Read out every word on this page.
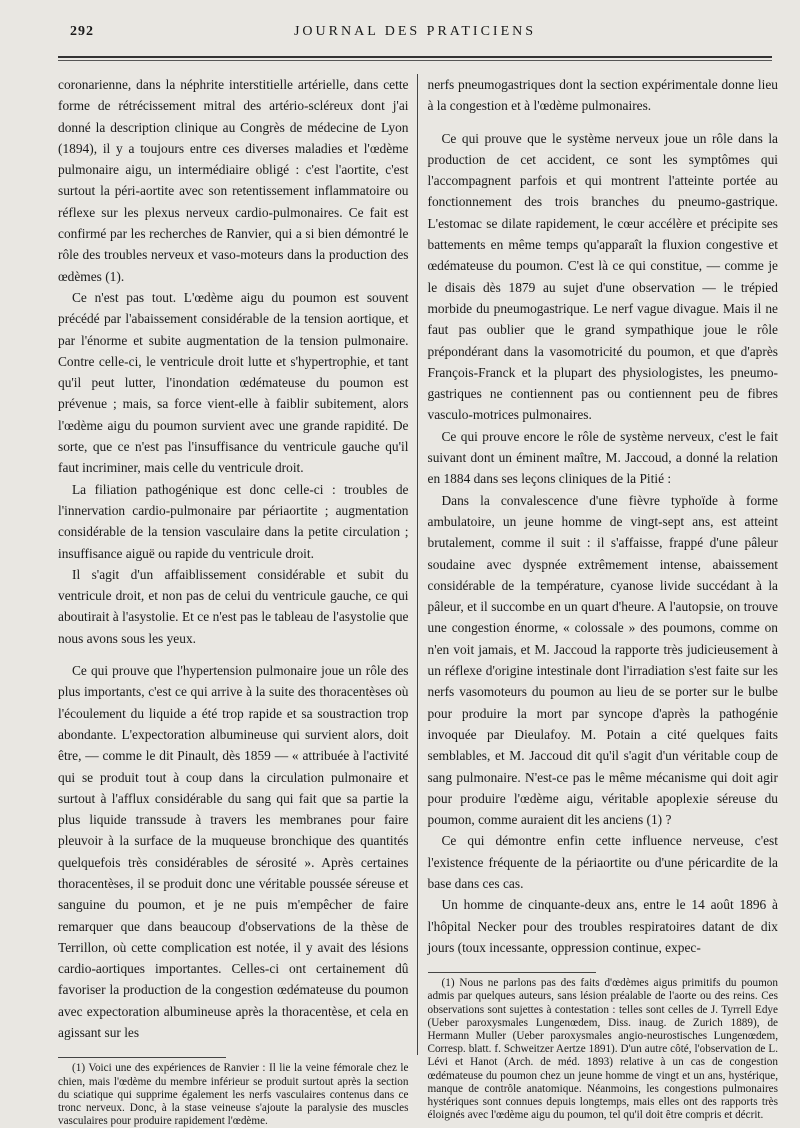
292	JOURNAL DES PRATICIENS

coronarienne, dans la néphrite interstitielle artérielle, dans cette forme de rétrécissement mitral des artério-scléreux dont j'ai donné la description clinique au Congrès de médecine de Lyon (1894), il y a toujours entre ces diverses maladies et l'œdème pulmonaire aigu, un intermédiaire obligé : c'est l'aortite, c'est surtout la péri-aortite avec son retentissement inflammatoire ou réflexe sur les plexus nerveux cardio-pulmonaires. Ce fait est confirmé par les recherches de Ranvier, qui a si bien démontré le rôle des troubles nerveux et vaso-moteurs dans la production des œdèmes (1).

Ce n'est pas tout. L'œdème aigu du poumon est souvent précédé par l'abaissement considérable de la tension aortique, et par l'énorme et subite augmentation de la tension pulmonaire. Contre celle-ci, le ventricule droit lutte et s'hypertrophie, et tant qu'il peut lutter, l'inondation œdémateuse du poumon est prévenue ; mais, sa force vient-elle à faiblir subitement, alors l'œdème aigu du poumon survient avec une grande rapidité. De sorte, que ce n'est pas l'insuffisance du ventricule gauche qu'il faut incriminer, mais celle du ventricule droit.

La filiation pathogénique est donc celle-ci : troubles de l'innervation cardio-pulmonaire par périaortite ; augmentation considérable de la tension vasculaire dans la petite circulation ; insuffisance aiguë ou rapide du ventricule droit.

Il s'agit d'un affaiblissement considérable et subit du ventricule droit, et non pas de celui du ventricule gauche, ce qui aboutirait à l'asystolie. Et ce n'est pas le tableau de l'asystolie que nous avons sous les yeux.

Ce qui prouve que l'hypertension pulmonaire joue un rôle des plus importants, c'est ce qui arrive à la suite des thoracentèses où l'écoulement du liquide a été trop rapide et sa soustraction trop abondante. L'expectoration albumineuse qui survient alors, doit être, — comme le dit Pinault, dès 1859 — « attribuée à l'activité qui se produit tout à coup dans la circulation pulmonaire et surtout à l'afflux considérable du sang qui fait que sa partie la plus liquide transsude à travers les membranes pour faire pleuvoir à la surface de la muqueuse bronchique des quantités quelquefois très considérables de sérosité ». Après certaines thoracentèses, il se produit donc une véritable poussée séreuse et sanguine du poumon, et je ne puis m'empêcher de faire remarquer que dans beaucoup d'observations de la thèse de Terrillon, où cette complication est notée, il y avait des lésions cardio-aortiques importantes. Celles-ci ont certainement dû favoriser la production de la congestion œdémateuse du poumon avec expectoration albumineuse après la thoracentèse, et cela en agissant sur les

(1) Voici une des expériences de Ranvier : Il lie la veine fémorale chez le chien, mais l'œdème du membre inférieur se produit surtout après la section du sciatique qui supprime également les nerfs vasculaires contenus dans ce tronc nerveux. Donc, à la stase veineuse s'ajoute la paralysie des muscles vasculaires pour produire rapidement l'œdème.

nerfs pneumogastriques dont la section expérimentale donne lieu à la congestion et à l'œdème pulmonaires.

Ce qui prouve que le système nerveux joue un rôle dans la production de cet accident, ce sont les symptômes qui l'accompagnent parfois et qui montrent l'atteinte portée au fonctionnement des trois branches du pneumo-gastrique. L'estomac se dilate rapidement, le cœur accélère et précipite ses battements en même temps qu'apparaît la fluxion congestive et œdémateuse du poumon. C'est là ce qui constitue, — comme je le disais dès 1879 au sujet d'une observation — le trépied morbide du pneumogastrique. Le nerf vague divague. Mais il ne faut pas oublier que le grand sympathique joue le rôle prépondérant dans la vasomotricité du poumon, et que d'après François-Franck et la plupart des physiologistes, les pneumo-gastriques ne contiennent pas ou contiennent peu de fibres vasculo-motrices pulmonaires.

Ce qui prouve encore le rôle de système nerveux, c'est le fait suivant dont un éminent maître, M. Jaccoud, a donné la relation en 1884 dans ses leçons cliniques de la Pitié :

Dans la convalescence d'une fièvre typhoïde à forme ambulatoire, un jeune homme de vingt-sept ans, est atteint brutalement, comme il suit : il s'affaisse, frappé d'une pâleur soudaine avec dyspnée extrêmement intense, abaissement considérable de la température, cyanose livide succédant à la pâleur, et il succombe en un quart d'heure. A l'autopsie, on trouve une congestion énorme, « colossale » des poumons, comme on n'en voit jamais, et M. Jaccoud la rapporte très judicieusement à un réflexe d'origine intestinale dont l'irradiation s'est faite sur les nerfs vasomoteurs du poumon au lieu de se porter sur le bulbe pour produire la mort par syncope d'après la pathogénie invoquée par Dieulafoy. M. Potain a cité quelques faits semblables, et M. Jaccoud dit qu'il s'agit d'un véritable coup de sang pulmonaire. N'est-ce pas le même mécanisme qui doit agir pour produire l'œdème aigu, véritable apoplexie séreuse du poumon, comme auraient dit les anciens (1) ?

Ce qui démontre enfin cette influence nerveuse, c'est l'existence fréquente de la périaortite ou d'une péricardite de la base dans ces cas.

Un homme de cinquante-deux ans, entre le 14 août 1896 à l'hôpital Necker pour des troubles respiratoires datant de dix jours (toux incessante, oppression continue, expec-

(1) Nous ne parlons pas des faits d'œdèmes aigus primitifs du poumon admis par quelques auteurs, sans lésion préalable de l'aorte ou des reins. Ces observations sont sujettes à contestation : telles sont celles de J. Tyrrell Edye (Ueber paroxysmales Lungenœdem, Diss. inaug. de Zurich 1889), de Hermann Muller (Ueber paroxysmales angio-neurostisches Lungenœdem, Corresp. blatt. f. Schweitzer Aertze 1891). D'un autre côté, l'observation de L. Lévi et Hanot (Arch. de méd. 1893) relative à un cas de congestion œdémateuse du poumon chez un jeune homme de vingt et un ans, hystérique, manque de contrôle anatomique. Néanmoins, les congestions pulmonaires hystériques sont connues depuis longtemps, mais elles ont des rapports très éloignés avec l'œdème aigu du poumon, tel qu'il doit être compris et décrit.
